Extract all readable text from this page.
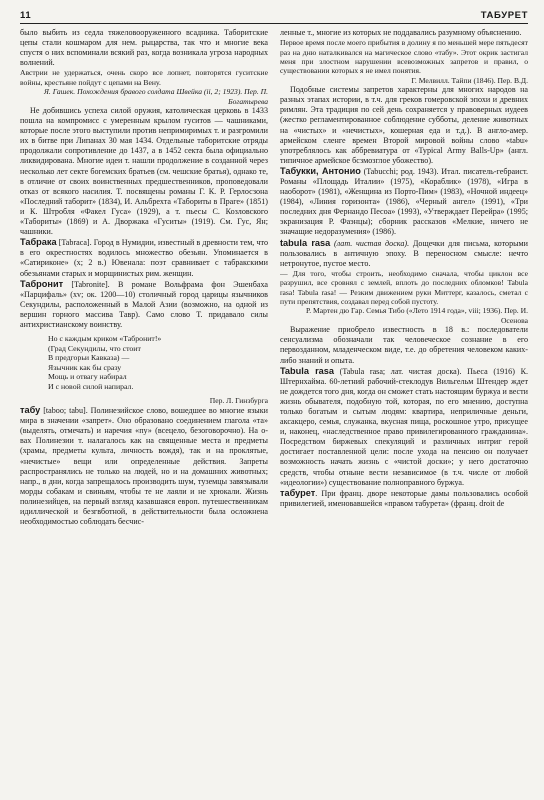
11	ТАБУРЕТ

было выбить из седла тяжеловооруженного всадника. Таборитские цепы стали кошмаром для нем. рыцарства, так что и многие века спустя о них вспоминали всякий раз, когда возникала угроза народных волнений.

Австрии не удержаться, очень скоро все лопнет, повторятся гуситские войны, крестьяне пойдут с цепами на Вену.

Я. Гашек. Похождения бравого солдата Швейка (ii, 2; 1923). Пер. П. Богатырева

Не добившись успеха силой оружия, католическая церковь в 1433 пошла на компромисс с умеренным крылом гуситов — чашниками, которые после этого выступили против непримиримых т. и разгромили их в битве при Липанах 30 мая 1434. Отдельные таборитские отряды продолжали сопротивление до 1437, а в 1452 секта была официально ликвидирована. Многие идеи т. нашли продолжение в созданной через несколько лет секте богемских братьев (см. чешские братья), однако те, в отличие от своих воинственных предшественников, проповедовали отказ от всякого насилия. Т. посвящены романы Г. К. Р. Герлосзона «Последний таборит» (1834), И. Альбрехта «Табориты в Праге» (1851) и К. Штробля «Факел Гуса» (1929), а т. пьесы С. Козловского «Табориты» (1869) и А. Дворжака «Гуситы» (1919). См. Гус, Ян; чашники.

Табрака [Tabraca]. Город в Нумидии, известный в древности тем, что в его окрестностях водилось множество обезьян. Упоминается в «Сатириконе» (х; 2 в.) Ювенала: поэт сравнивает с табракскими обезьянами старых и морщинистых рим. женщин.

Табронит [Tabronite]. В романе Вольфрама фон Эшенбаха «Парцифаль» (xv; ок. 1200—10) столичный город царицы язычников Секундилы, расположенный в Малой Азии (возможно, на одной из вершин горного массива Тавр). Само слово Т. придавало силы антихристианскому воинству.

Но с каждым криком «Табронит!»
(Град Секундилы, что стоит
В предгорьи Кавказа) —
Язычник как бы сразу
Мощь и отвагу набирал
И с новой силой напирал.

Пер. Л. Гинзбурга

табу [taboo; tabu]. Полинезийское слово, вошедшее во многие языки мира в значении «запрет». Оно образовано соединением глагола «та» (выделять, отмечать) и наречия «пу» (всецело, безоговорочно). На о-вах Полинезии т. налагалось как на священные места и предметы (храмы, предметы культа, личность вождя), так и на проклятые, «нечистые» вещи или определенные действия. Запреты распространялись не только на людей, но и на домашних животных; напр., в дни, когда запрещалось производить шум, туземцы завязывали морды собакам и свиньям, чтобы те не лаяли и не хрюкали. Жизнь полинезийцев, на первый взгляд казавшаяся европ. путешественникам идиллической и безгвботной, в действительности была осложнена необходимостью соблюдать бесчис-

ленные т., многие из которых не поддавались разумному объяснению.

Первое время после моего прибытия в долину я по меньшей мере пятьдесят раз на дню наталкивался на магическое слово «табу». Этот окрик застигал меня при злостном нарушении всевозможных запретов и правил, о существовании которых я не имел понятия.

Г. Мелвилл. Тайпи (1846). Пер. В.Д.

Подобные системы запретов характерны для многих народов на разных этапах истории, в т.ч. для греков гомеровской эпохи и древних римлян. Эта традиция по сей день сохраняется у правоверных иудеев (жестко регламентированное соблюдение субботы, деление животных на «чистых» и «нечистых», кошерная еда и т.д.). В англо-амер. армейском сленге времен Второй мировой войны слово «tabu» употреблялось как аббревиатура от «Typical Army Balls-Up» (англ. типичное армейское бсзмозглое убожество).

Табукки, Антонио (Tabucchi; род. 1943). Итал. писатель-гебраист. Романы «Площадь Италии» (1975), «Кораблик» (1978), «Игра в наоборот» (1981), «Женщина из Порто-Пим» (1983), «Ночной индеец» (1984), «Линия горизонта» (1986), «Черный ангел» (1991), «Три последних дня Фернандо Песоа» (1993), «Утверждает Перейра» (1995; экранизация Р. Фаэнцы); сборник рассказов «Мелкие, ничего не значащие недоразумения» (1986).

tabula rasa (лат. чистая доска). Дощечки для письма, которыми пользовались в античную эпоху. В переносном смысле: нечто нетронутое, пустое место.

— Для того, чтобы строить, необходимо сначала, чтобы циклон все разрушил, все сровнял с землей, вплоть до последних обломков! Tabula rasa! Tabula rasa! — Резким движением руки Миттерг, казалось, сметал с пути препятствия, создавал перед собой пустоту.

Р. Мартен дю Гар. Семья Тибо («Лето 1914 года», viii; 1936). Пер. И. Осенова

Выражение приобрело известность в 18 в.: последователи сенсуализма обозначали так человеческое сознание в его первозданном, младенческом виде, т.е. до обретения человеком каких-либо знаний и опыта.

Tabula rasa (Tabula rasa; лат. чистая доска). Пьеса (1916) К. Штернхайма. 60-летний рабочий-стеклодув Вильгельм Штендер ждет не дождется того дня, когда он сможет стать настоящим буржуа и вести жизнь обывателя, подобную той, которая, по его мнению, доступна только богатым и сытым людям: квартира, неприличные деньги, аксакцеро, семья, служанка, вкусная пища, роскошное утро, присущее и, наконец, «наследственное право привилегированного гражданина». Посредством биржевых спекуляций и различных интриг герой достигает поставленной цели: после ухода на пенсию он получает возможность начать жизнь с «чистой доски»; у него достаточно средств, чтобы отныне вести независимое (в т.ч. числе от любой «идеологии») существование полноправного буржуа.

табурет. При франц. дворе некоторые дамы пользовались особой привилегией, именовавшейся «правом табурета» (франц. droit de
